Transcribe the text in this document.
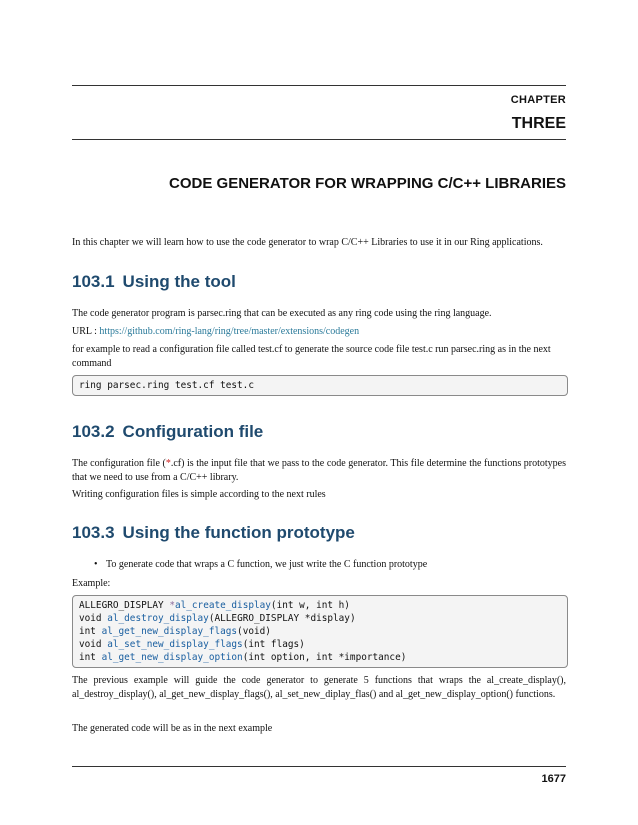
CHAPTER
THREE
CODE GENERATOR FOR WRAPPING C/C++ LIBRARIES
In this chapter we will learn how to use the code generator to wrap C/C++ Libraries to use it in our Ring applications.
103.1 Using the tool
The code generator program is parsec.ring that can be executed as any ring code using the ring language.
URL : https://github.com/ring-lang/ring/tree/master/extensions/codegen
for example to read a configuration file called test.cf to generate the source code file test.c run parsec.ring as in the next command
ring parsec.ring test.cf test.c
103.2 Configuration file
The configuration file (*.cf) is the input file that we pass to the code generator. This file determine the functions prototypes that we need to use from a C/C++ library.
Writing configuration files is simple according to the next rules
103.3 Using the function prototype
• To generate code that wraps a C function, we just write the C function prototype
Example:
ALLEGRO_DISPLAY *al_create_display(int w, int h)
void al_destroy_display(ALLEGRO_DISPLAY *display)
int al_get_new_display_flags(void)
void al_set_new_display_flags(int flags)
int al_get_new_display_option(int option, int *importance)
The previous example will guide the code generator to generate 5 functions that wraps the al_create_display(), al_destroy_display(), al_get_new_display_flags(), al_set_new_diplay_flas() and al_get_new_display_option() functions.
The generated code will be as in the next example
1677
